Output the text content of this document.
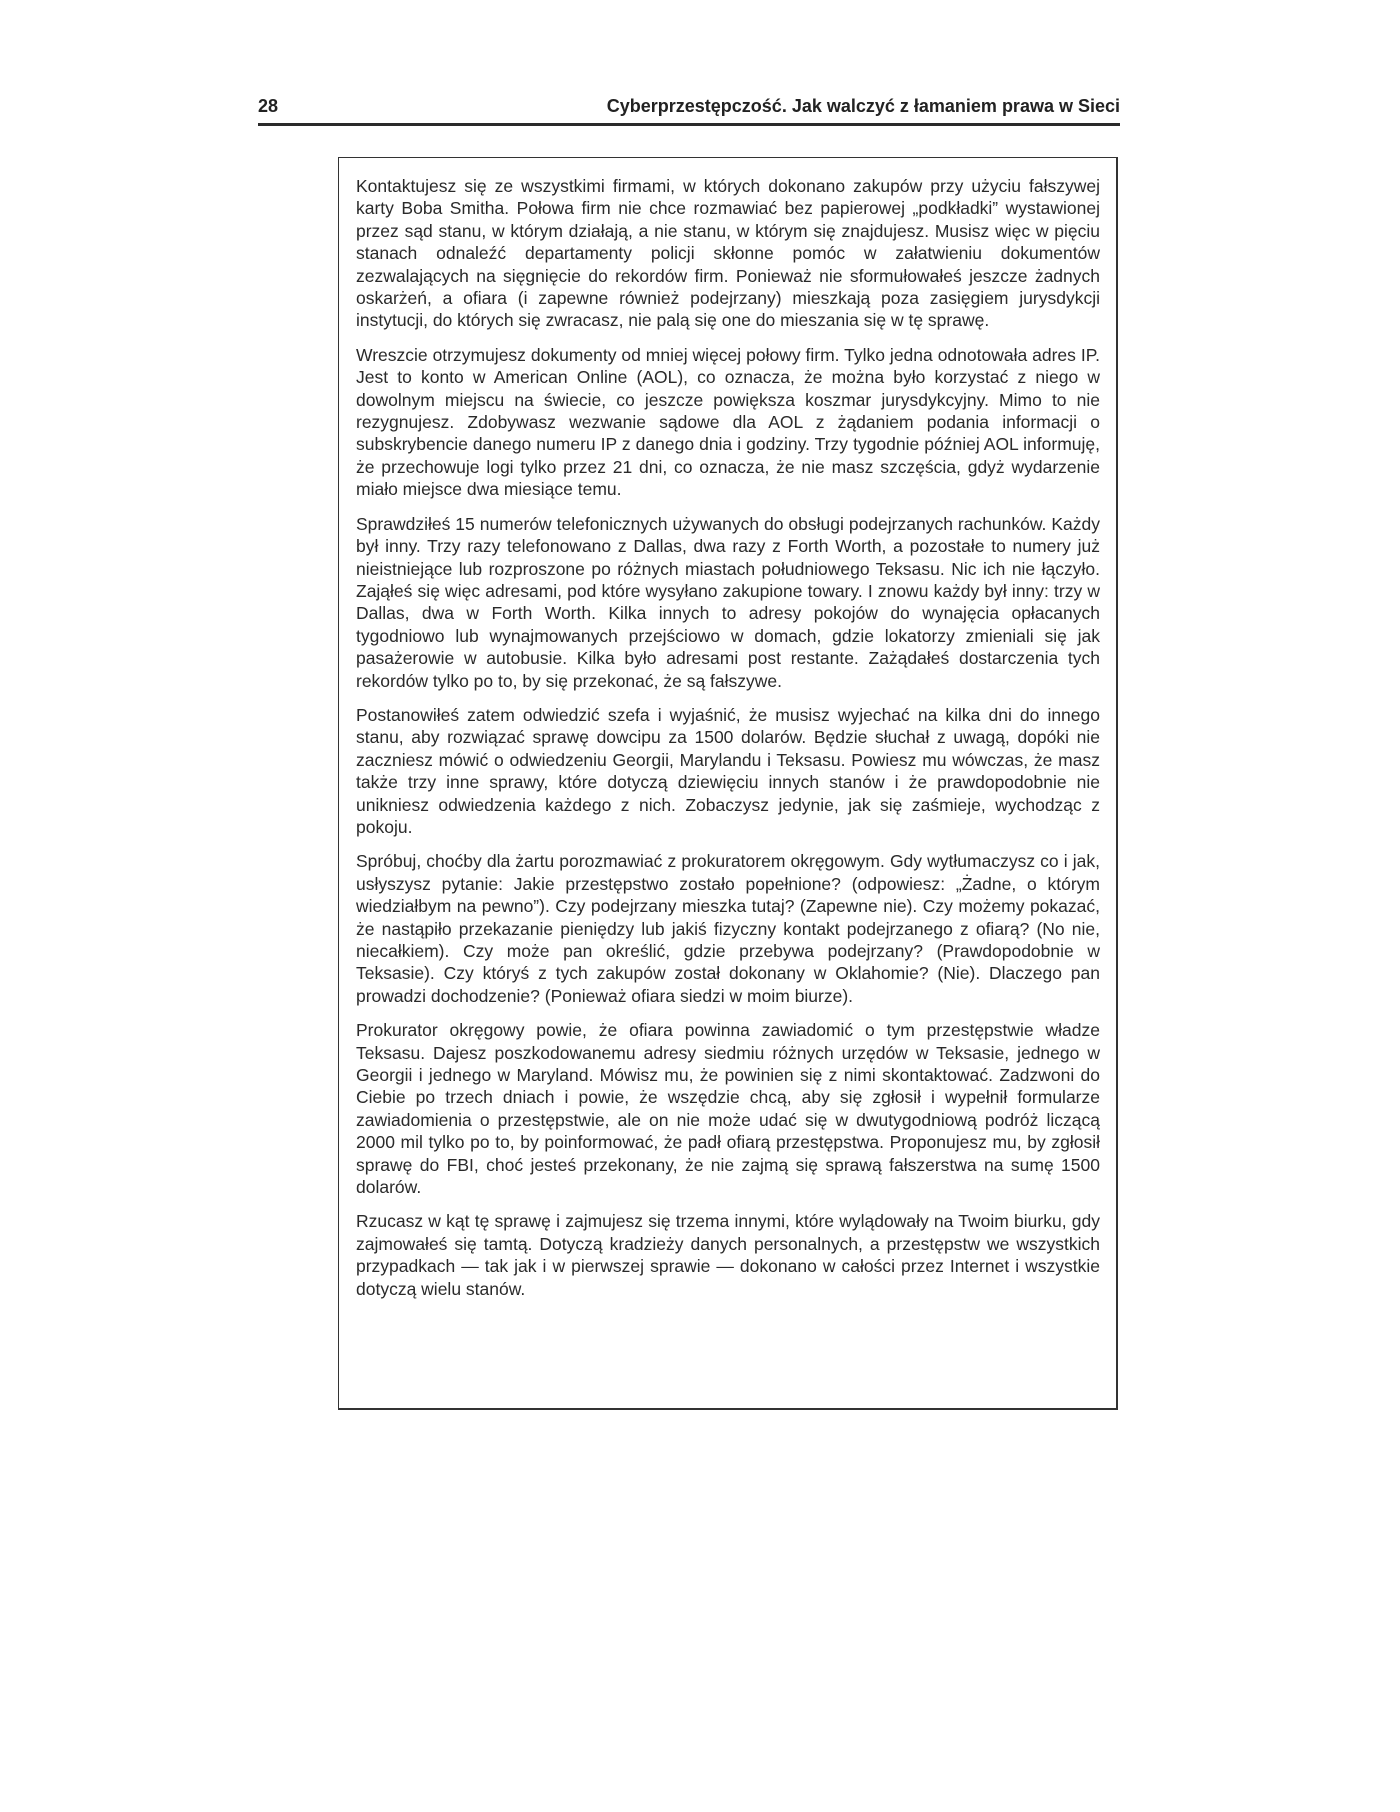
28	Cyberprzestępczość. Jak walczyć z łamaniem prawa w Sieci

Kontaktujesz się ze wszystkimi firmami, w których dokonano zakupów przy użyciu fałszywej karty Boba Smitha. Połowa firm nie chce rozmawiać bez papierowej „podkładki” wystawionej przez sąd stanu, w którym działają, a nie stanu, w którym się znajdujesz. Musisz więc w pięciu stanach odnaleźć departamenty policji skłonne pomóc w załatwieniu dokumentów zezwalających na sięgnięcie do rekordów firm. Ponieważ nie sformułowałeś jeszcze żadnych oskarżeń, a ofiara (i zapewne również podejrzany) mieszkają poza zasięgiem jurysdykcji instytucji, do których się zwracasz, nie palą się one do mieszania się w tę sprawę.

Wreszcie otrzymujesz dokumenty od mniej więcej połowy firm. Tylko jedna odnotowała adres IP. Jest to konto w American Online (AOL), co oznacza, że można było korzystać z niego w dowolnym miejscu na świecie, co jeszcze powiększa koszmar jurysdykcyjny. Mimo to nie rezygnujesz. Zdobywasz wezwanie sądowe dla AOL z żądaniem podania informacji o subskrybencie danego numeru IP z danego dnia i godziny. Trzy tygodnie później AOL informuję, że przechowuje logi tylko przez 21 dni, co oznacza, że nie masz szczęścia, gdyż wydarzenie miało miejsce dwa miesiące temu.

Sprawdziłeś 15 numerów telefonicznych używanych do obsługi podejrzanych rachunków. Każdy był inny. Trzy razy telefonowano z Dallas, dwa razy z Forth Worth, a pozostałe to numery już nieistniejące lub rozproszone po różnych miastach południowego Teksasu. Nic ich nie łączyło. Zająłeś się więc adresami, pod które wysyłano zakupione towary. I znowu każdy był inny: trzy w Dallas, dwa w Forth Worth. Kilka innych to adresy pokojów do wynajęcia opłacanych tygodniowo lub wynajmowanych przejściowo w domach, gdzie lokatorzy zmieniali się jak pasażerowie w autobusie. Kilka było adresami post restante. Zażądałeś dostarczenia tych rekordów tylko po to, by się przekonać, że są fałszywe.

Postanowiłeś zatem odwiedzić szefa i wyjaśnić, że musisz wyjechać na kilka dni do innego stanu, aby rozwiązać sprawę dowcipu za 1500 dolarów. Będzie słuchał z uwagą, dopóki nie zaczniesz mówić o odwiedzeniu Georgii, Marylandu i Teksasu. Powiesz mu wówczas, że masz także trzy inne sprawy, które dotyczą dziewięciu innych stanów i że prawdopodobnie nie unikniesz odwiedzenia każdego z nich. Zobaczysz jedynie, jak się zaśmieje, wychodząc z pokoju.

Spróbuj, choćby dla żartu porozmawiać z prokuratorem okręgowym. Gdy wytłumaczysz co i jak, usłyszysz pytanie: Jakie przestępstwo zostało popełnione? (odpowiesz: „Żadne, o którym wiedziałbym na pewno”). Czy podejrzany mieszka tutaj? (Zapewne nie). Czy możemy pokazać, że nastąpiło przekazanie pieniędzy lub jakiś fizyczny kontakt podejrzanego z ofiarą? (No nie, niecałkiem). Czy może pan określić, gdzie przebywa podejrzany? (Prawdopodobnie w Teksasie). Czy któryś z tych zakupów został dokonany w Oklahomie? (Nie). Dlaczego pan prowadzi dochodzenie? (Ponieważ ofiara siedzi w moim biurze).

Prokurator okręgowy powie, że ofiara powinna zawiadomić o tym przestępstwie władze Teksasu. Dajesz poszkodowanemu adresy siedmiu różnych urzędów w Teksasie, jednego w Georgii i jednego w Maryland. Mówisz mu, że powinien się z nimi skontaktować. Zadzwoni do Ciebie po trzech dniach i powie, że wszędzie chcą, aby się zgłosił i wypełnił formularze zawiadomienia o przestępstwie, ale on nie może udać się w dwutygodniową podróż liczącą 2000 mil tylko po to, by poinformować, że padł ofiarą przestępstwa. Proponujesz mu, by zgłosił sprawę do FBI, choć jesteś przekonany, że nie zajmą się sprawą fałszerstwa na sumę 1500 dolarów.

Rzucasz w kąt tę sprawę i zajmujesz się trzema innymi, które wylądowały na Twoim biurku, gdy zajmowałeś się tamtą. Dotyczą kradzieży danych personalnych, a przestępstw we wszystkich przypadkach — tak jak i w pierwszej sprawie — dokonano w całości przez Internet i wszystkie dotyczą wielu stanów.
